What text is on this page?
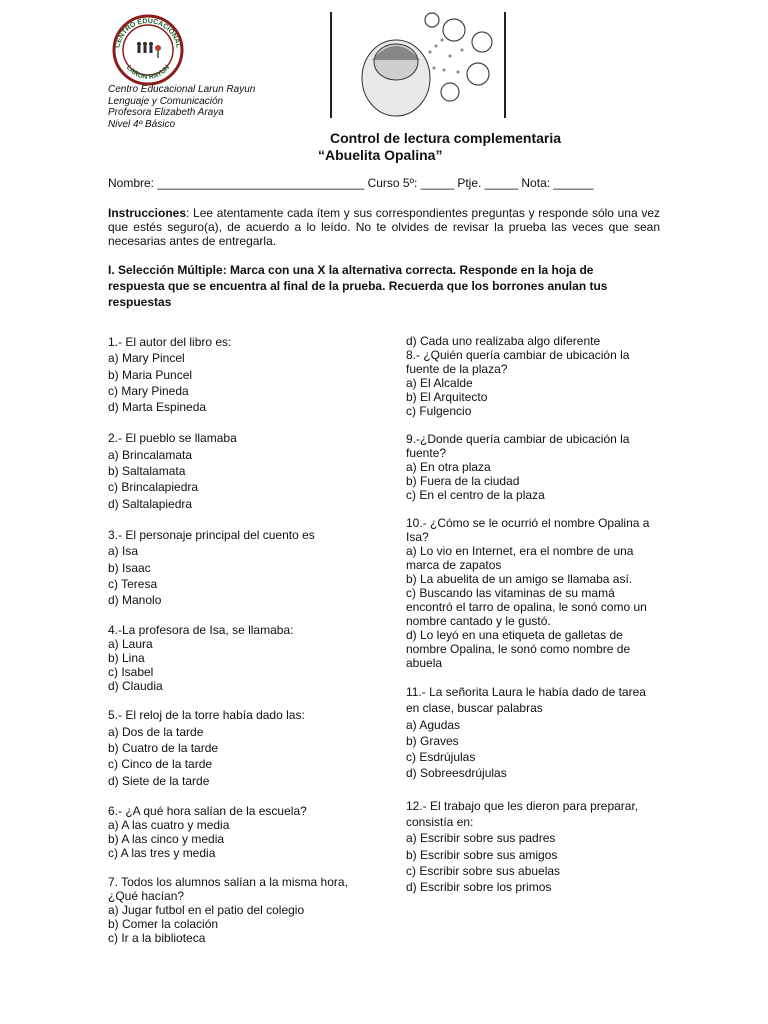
CENTRO EDUCACIONAL
LARUN RAYUN
Centro Educacional Larun Rayun
Lenguaje y Comunicación
Profesora Elizabeth Araya
Nivel 4º Básico
Control de lectura complementaria
“Abuelita Opalina”
Nombre: _______________________________ Curso 5º: _____ Ptje. _____ Nota: ______
Instrucciones: Lee atentamente cada ítem y sus correspondientes preguntas y responde sólo una vez que estés seguro(a), de acuerdo a lo leído. No te olvides de revisar la prueba las veces que sean necesarias antes de entregarla.
I. Selección Múltiple: Marca con una X la alternativa correcta. Responde en la hoja de respuesta que se encuentra al final de la prueba. Recuerda que los borrones anulan tus respuestas
1.- El autor del libro es:
a) Mary Pincel
b) Maria Puncel
c) Mary Pineda
d) Marta Espineda
2.- El pueblo se llamaba
a) Brincalamata
b) Saltalamata
c) Brincalapiedra
d) Saltalapiedra
3.- El personaje principal del cuento es
a) Isa
b) Isaac
c) Teresa
d) Manolo
4.-La profesora de Isa, se llamaba:
a) Laura
b) Lina
c) Isabel
d) Claudia
5.- El reloj de la torre había dado las:
a) Dos de la tarde
b) Cuatro de la tarde
c) Cinco de la tarde
d) Siete de la tarde
6.- ¿A qué hora salían de la escuela?
a) A las cuatro y media
b) A las cinco y media
c) A las tres y media
7. Todos los alumnos salían a la misma hora,
¿Qué hacían?
a) Jugar futbol en el patio del colegio
b) Comer la colación
c) Ir a la biblioteca
d) Cada uno realizaba algo diferente
8.- ¿Quién quería cambiar de ubicación la
fuente de la plaza?
a) El Alcalde
b) El Arquitecto
c) Fulgencio
9.-¿Donde quería cambiar de ubicación la
fuente?
a) En otra plaza
b) Fuera de la ciudad
c) En el centro de la plaza
10.- ¿Cómo se le ocurrió el nombre Opalina a
Isa?
a) Lo vio en Internet, era el nombre de una
marca de zapatos
b) La abuelita de un amigo se llamaba así.
c) Buscando las vitaminas de su mamá
encontró el tarro de opalina, le sonó como un
nombre cantado y le gustó.
d) Lo leyó en una etiqueta de galletas de
nombre Opalina, le sonó como nombre de
abuela
11.- La señorita Laura le había dado de tarea
en clase, buscar palabras
a) Agudas
b) Graves
c) Esdrújulas
d) Sobreesdrújulas
12.- El trabajo que les dieron para preparar,
consistía en:
a) Escribir sobre sus padres
b) Escribir sobre sus amigos
c) Escribir sobre sus abuelas
d) Escribir sobre los primos
